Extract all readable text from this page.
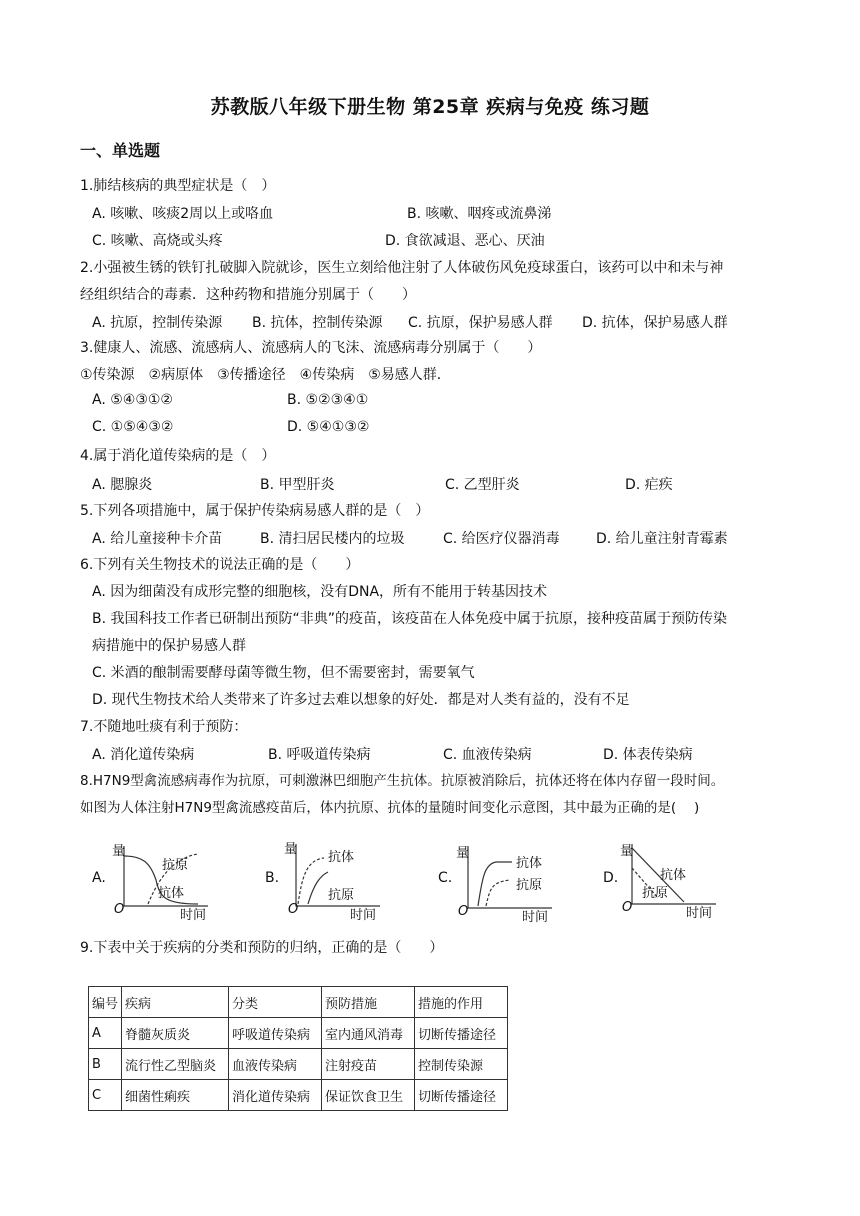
苏教版八年级下册生物 第25章 疾病与免疫 练习题
一、单选题
1.肺结核病的典型症状是（　）
A. 咳嗽、咳痰2周以上或咯血	B. 咳嗽、咽疼或流鼻涕
C. 咳嗽、高烧或头疼	D. 食欲减退、恶心、厌油
2.小强被生锈的铁钉扎破脚入院就诊，医生立刻给他注射了人体破伤风免疫球蛋白，该药可以中和未与神
经组织结合的毒素．这种药物和措施分别属于（　　）
A. 抗原，控制传染源 B. 抗体，控制传染源 C. 抗原，保护易感人群 D. 抗体，保护易感人群
3.健康人、流感、流感病人、流感病人的飞沫、流感病毒分别属于（　　）
①传染源　②病原体　③传播途径　④传染病　⑤易感人群．
A. ⑤④③①②	B. ⑤②③④①
C. ①⑤④③②	D. ⑤④①③②
4.属于消化道传染病的是（　）
A. 腮腺炎	B. 甲型肝炎	C. 乙型肝炎	D. 疟疾
5.下列各项措施中，属于保护传染病易感人群的是（　）
A. 给儿童接种卡介苗	B. 清扫居民楼内的垃圾	C. 给医疗仪器消毒	D. 给儿童注射青霉素
6.下列有关生物技术的说法正确的是（　　）
A. 因为细菌没有成形完整的细胞核，没有DNA，所有不能用于转基因技术
B. 我国科技工作者已研制出预防“非典”的疫苗，该疫苗在人体免疫中属于抗原，接种疫苗属于预防传染
病措施中的保护易感人群
C. 米酒的酿制需要酵母菌等微生物，但不需要密封，需要氧气
D. 现代生物技术给人类带来了许多过去难以想象的好处．都是对人类有益的，没有不足
7.不随地吐痰有利于预防：
A. 消化道传染病	B. 呼吸道传染病	C. 血液传染病	D. 体表传染病
8.H7N9型禽流感病毒作为抗原，可刺激淋巴细胞产生抗体。抗原被消除后，抗体还将在体内存留一段时间。
如图为人体注射H7N9型禽流感疫苗后，体内抗原、抗体的量随时间变化示意图，其中最为正确的是(　 )
A.
量
O	时间
抗原
抗体
B.
量
O	时间
抗体
抗原
C.
量
O	时间
抗体
抗原	D.
量
O	时间
抗体
抗原
9.下表中关于疾病的分类和预防的归纳，正确的是（　　）
编号	疾病	分类	预防措施	措施的作用
A	脊髓灰质炎	呼吸道传染病	室内通风消毒	切断传播途径
B	流行性乙型脑炎	血液传染病	注射疫苗	控制传染源
C	细菌性痢疾	消化道传染病	保证饮食卫生	切断传播途径
